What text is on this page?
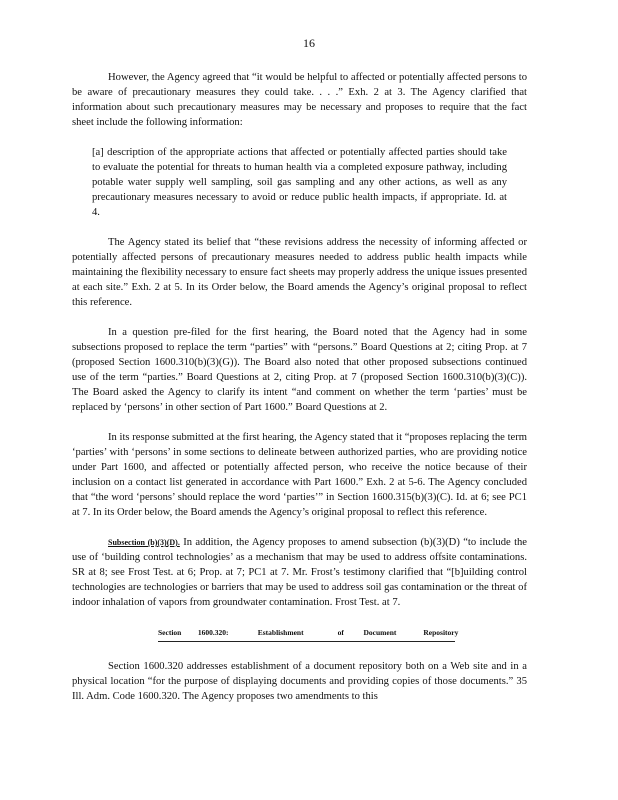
16

However, the Agency agreed that “it would be helpful to affected or potentially affected persons to be aware of precautionary measures they could take. . . .” Exh. 2 at 3. The Agency clarified that information about such precautionary measures may be necessary and proposes to require that the fact sheet include the following information:

[a] description of the appropriate actions that affected or potentially affected parties should take to evaluate the potential for threats to human health via a completed exposure pathway, including potable water supply well sampling, soil gas sampling and any other actions, as well as any precautionary measures necessary to avoid or reduce public health impacts, if appropriate. Id. at 4.

The Agency stated its belief that “these revisions address the necessity of informing affected or potentially affected persons of precautionary measures needed to address public health impacts while maintaining the flexibility necessary to ensure fact sheets may properly address the unique issues presented at each site.” Exh. 2 at 5. In its Order below, the Board amends the Agency’s original proposal to reflect this reference.

In a question pre-filed for the first hearing, the Board noted that the Agency had in some subsections proposed to replace the term “parties” with “persons.” Board Questions at 2; citing Prop. at 7 (proposed Section 1600.310(b)(3)(G)). The Board also noted that other proposed subsections continued use of the term “parties.” Board Questions at 2, citing Prop. at 7 (proposed Section 1600.310(b)(3)(C)). The Board asked the Agency to clarify its intent “and comment on whether the term ‘parties’ must be replaced by ‘persons’ in other section of Part 1600.” Board Questions at 2.

In its response submitted at the first hearing, the Agency stated that it “proposes replacing the term ‘parties’ with ‘persons’ in some sections to delineate between authorized parties, who are providing notice under Part 1600, and affected or potentially affected person, who receive the notice because of their inclusion on a contact list generated in accordance with Part 1600.” Exh. 2 at 5-6. The Agency concluded that “the word ‘persons’ should replace the word ‘parties’” in Section 1600.315(b)(3)(C). Id. at 6; see PC1 at 7. In its Order below, the Board amends the Agency’s original proposal to reflect this reference.

Subsection (b)(3)(D). In addition, the Agency proposes to amend subsection (b)(3)(D) “to include the use of ‘building control technologies’ as a mechanism that may be used to address offsite contaminations. SR at 8; see Frost Test. at 6; Prop. at 7; PC1 at 7. Mr. Frost’s testimony clarified that “[b]uilding control technologies are technologies or barriers that may be used to address soil gas contamination or the threat of indoor inhalation of vapors from groundwater contamination. Frost Test. at 7.

Section 1600.320:	Establishment	of	Document	Repository

Section 1600.320 addresses establishment of a document repository both on a Web site and in a physical location “for the purpose of displaying documents and providing copies of those documents.” 35 Ill. Adm. Code 1600.320. The Agency proposes two amendments to this
